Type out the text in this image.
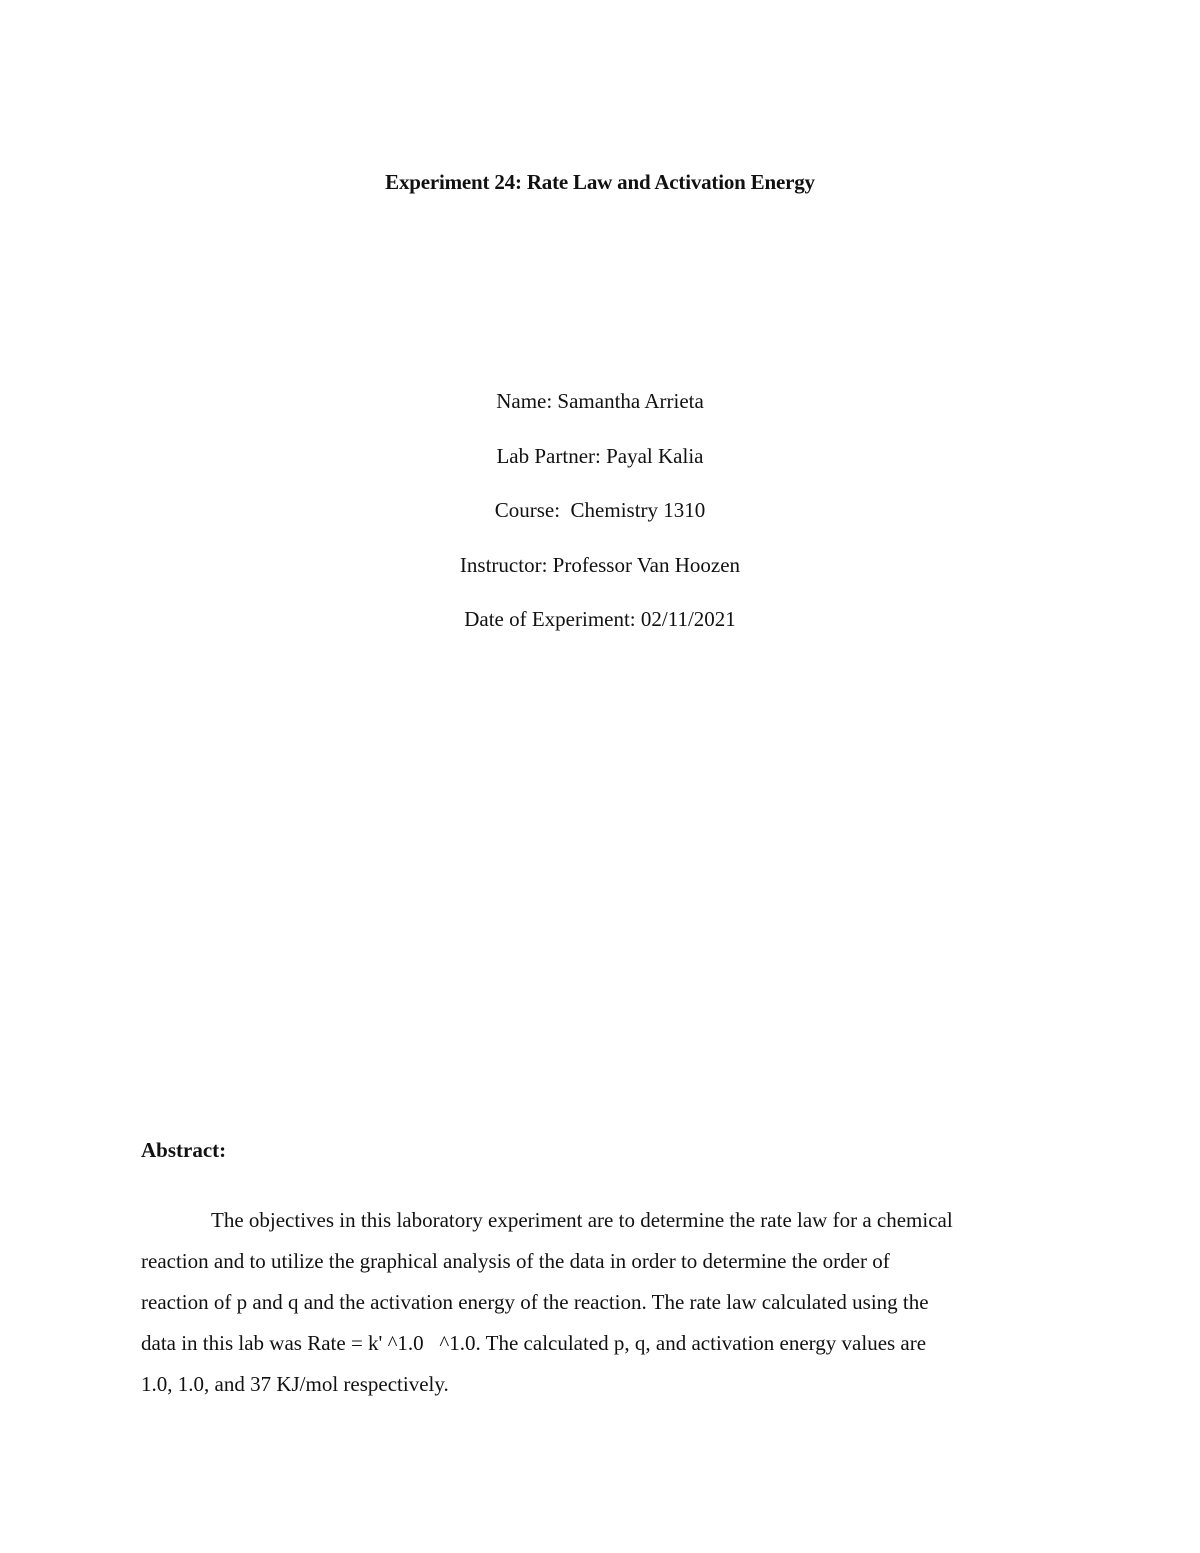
Experiment 24: Rate Law and Activation Energy
Name: Samantha Arrieta
Lab Partner: Payal Kalia
Course:  Chemistry 1310
Instructor: Professor Van Hoozen
Date of Experiment: 02/11/2021
Abstract:
The objectives in this laboratory experiment are to determine the rate law for a chemical
reaction and to utilize the graphical analysis of the data in order to determine the order of
reaction of p and q and the activation energy of the reaction. The rate law calculated using the
data in this lab was Rate = k' ^1.0   ^1.0. The calculated p, q, and activation energy values are
1.0, 1.0, and 37 KJ/mol respectively.
